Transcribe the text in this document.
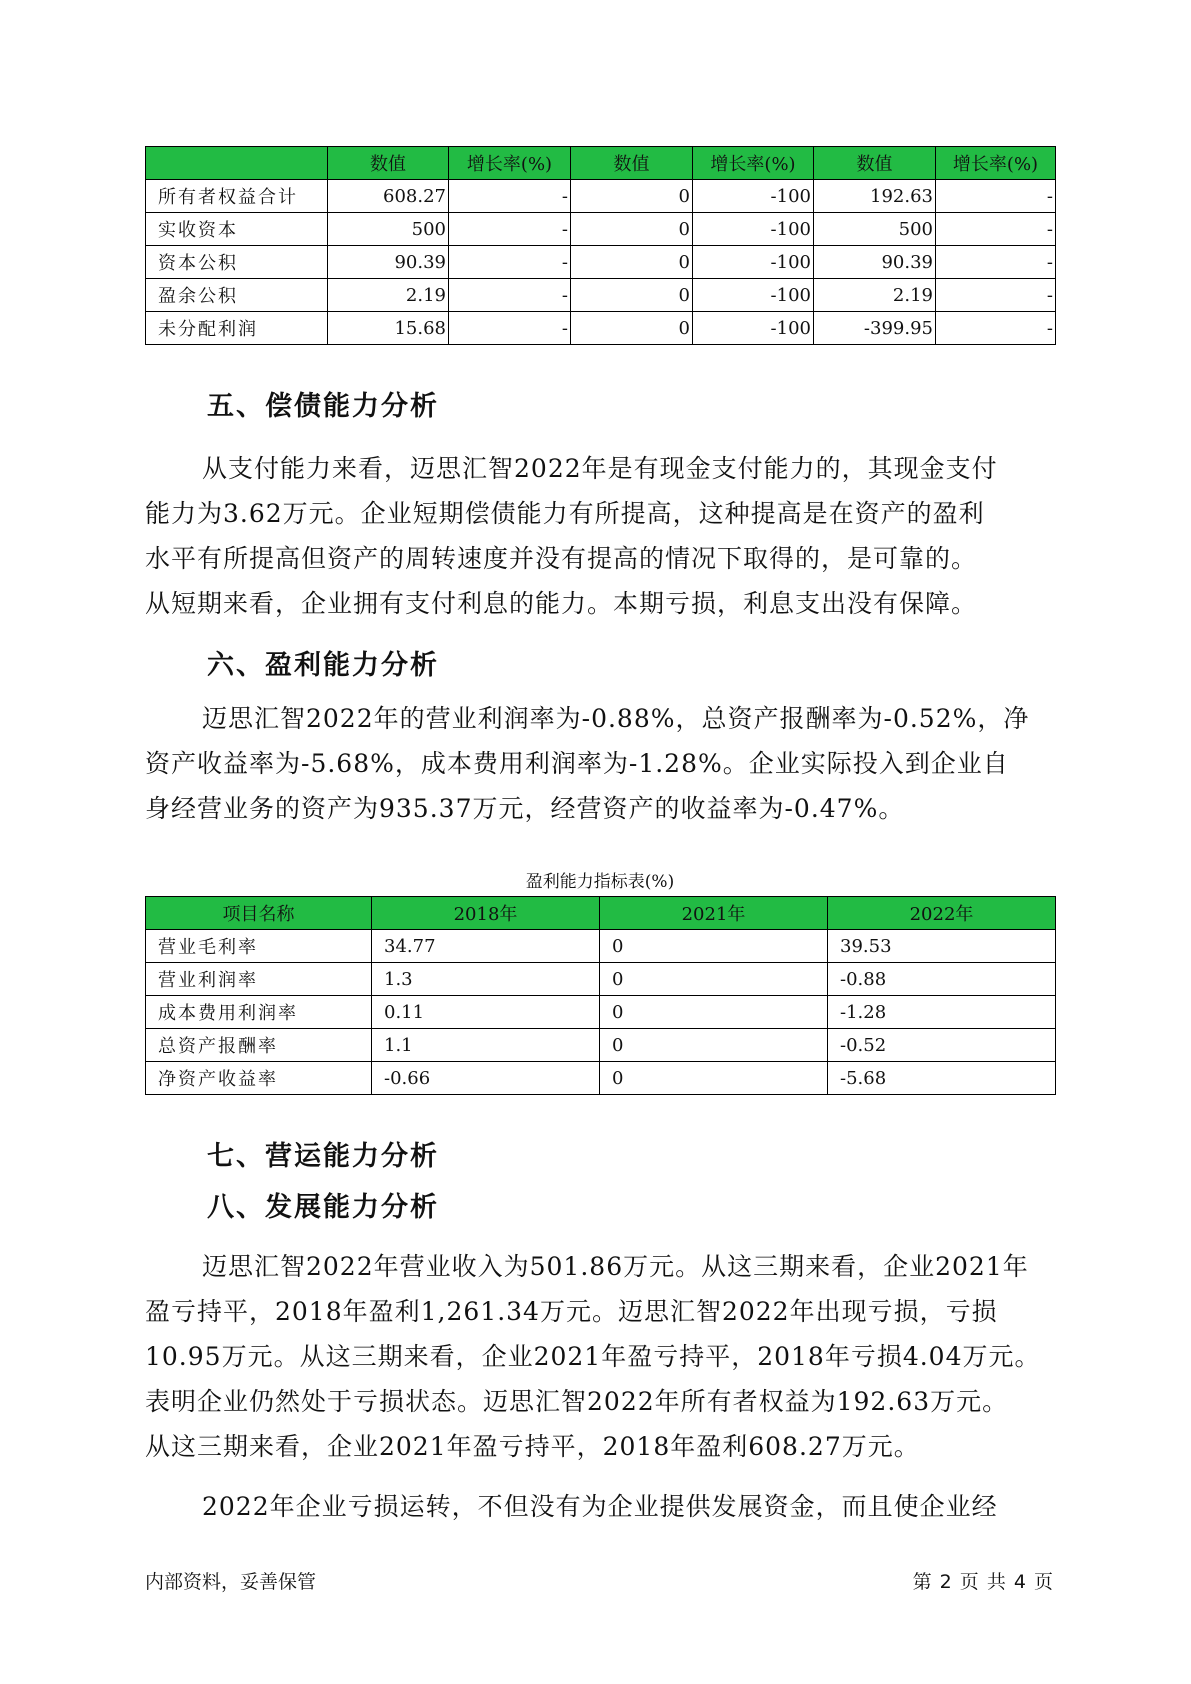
	数值	增长率(%)	数值	增长率(%)	数值	增长率(%)
所有者权益合计	608.27	-	0	-100	192.63	-
实收资本	500	-	0	-100	500	-
资本公积	90.39	-	0	-100	90.39	-
盈余公积	2.19	-	0	-100	2.19	-
未分配利润	15.68	-	0	-100	-399.95	-
五、偿债能力分析
从支付能力来看，迈思汇智2022年是有现金支付能力的，其现金支付
能力为3.62万元。企业短期偿债能力有所提高，这种提高是在资产的盈利
水平有所提高但资产的周转速度并没有提高的情况下取得的，是可靠的。
从短期来看，企业拥有支付利息的能力。本期亏损，利息支出没有保障。
六、盈利能力分析
迈思汇智2022年的营业利润率为-0.88%，总资产报酬率为-0.52%，净
资产收益率为-5.68%，成本费用利润率为-1.28%。企业实际投入到企业自
身经营业务的资产为935.37万元，经营资产的收益率为-0.47%。

盈利能力指标表(%)

项目名称	2018年	2021年	2022年
营业毛利率	34.77	0	39.53
营业利润率	1.3	0	-0.88
成本费用利润率	0.11	0	-1.28
总资产报酬率	1.1	0	-0.52
净资产收益率	-0.66	0	-5.68
七、营运能力分析
八、发展能力分析
迈思汇智2022年营业收入为501.86万元。从这三期来看，企业2021年
盈亏持平，2018年盈利1,261.34万元。迈思汇智2022年出现亏损，亏损
10.95万元。从这三期来看，企业2021年盈亏持平，2018年亏损4.04万元。
表明企业仍然处于亏损状态。迈思汇智2022年所有者权益为192.63万元。
从这三期来看，企业2021年盈亏持平，2018年盈利608.27万元。
2022年企业亏损运转，不但没有为企业提供发展资金，而且使企业经
内部资料，妥善保管	第 2 页 共 4 页
